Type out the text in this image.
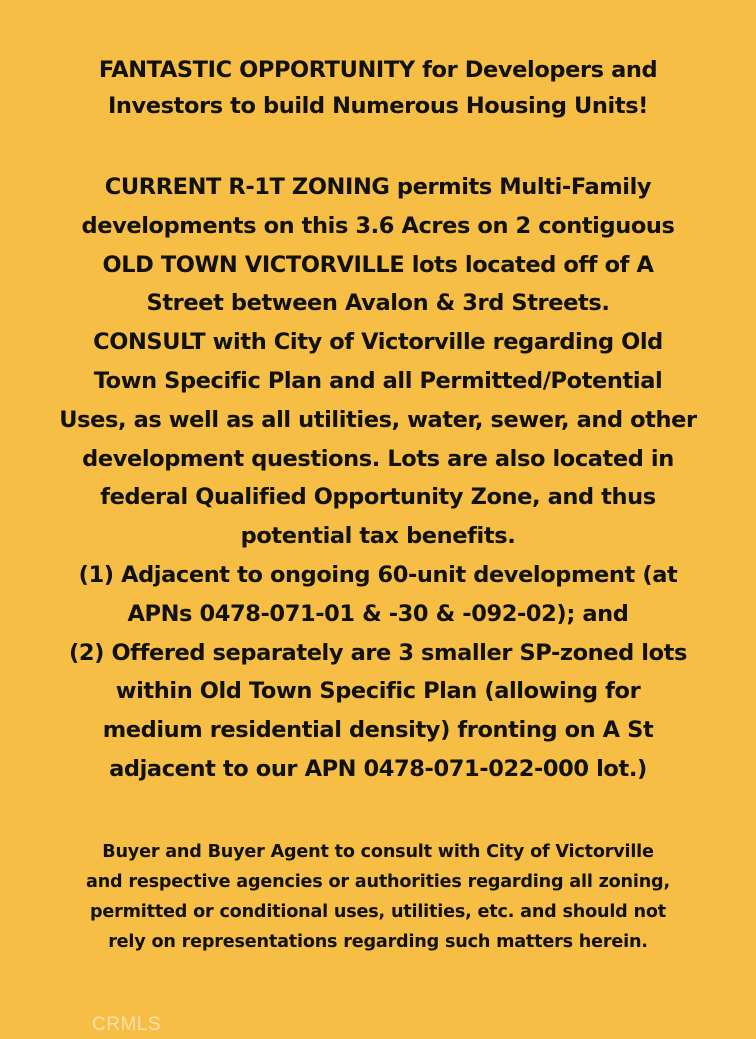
FANTASTIC OPPORTUNITY for Developers and
Investors to build Numerous Housing Units!
CURRENT R-1T ZONING permits Multi-Family
developments on this 3.6 Acres on 2 contiguous
OLD TOWN VICTORVILLE lots located off of A
Street between Avalon & 3rd Streets.
CONSULT with City of Victorville regarding Old
Town Specific Plan and all Permitted/Potential
Uses, as well as all utilities, water, sewer, and other
development questions. Lots are also located in
federal Qualified Opportunity Zone, and thus
potential tax benefits.
(1) Adjacent to ongoing 60-unit development (at
APNs 0478-071-01 & -30 & -092-02); and
(2) Offered separately are 3 smaller SP-zoned lots
within Old Town Specific Plan (allowing for
medium residential density) fronting on A St
adjacent to our APN 0478-071-022-000 lot.)
Buyer and Buyer Agent to consult with City of Victorville
and respective agencies or authorities regarding all zoning,
permitted or conditional uses, utilities, etc. and should not
rely on representations regarding such matters herein.
CRMLS
